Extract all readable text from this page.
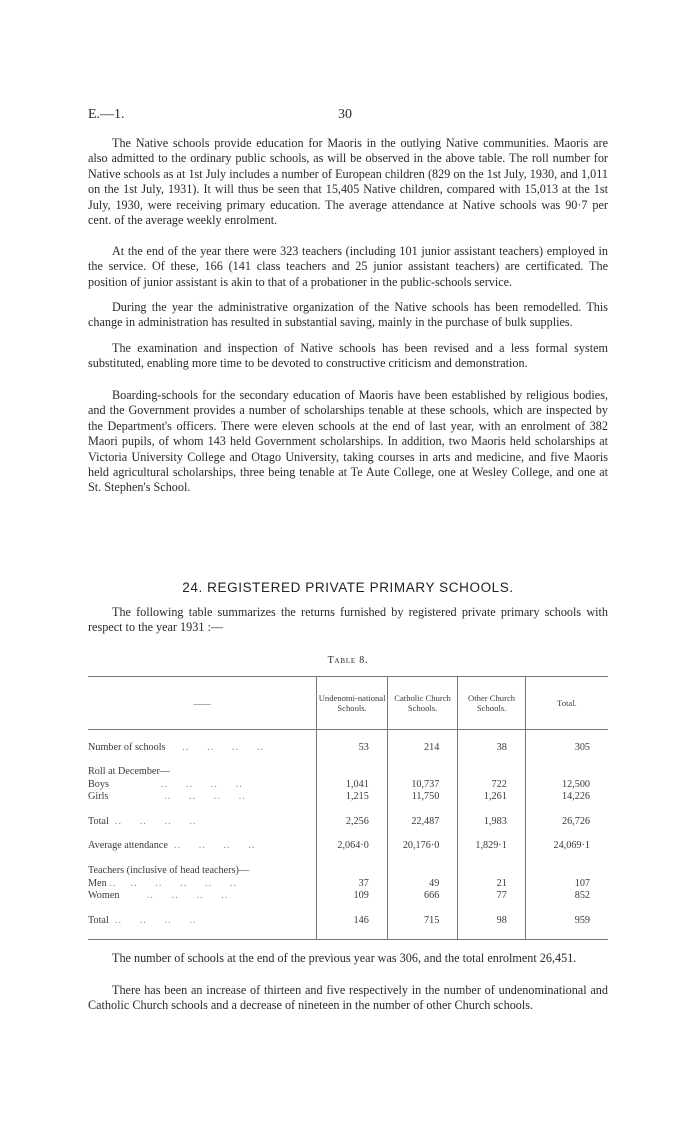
E.—1.	30

The Native schools provide education for Maoris in the outlying Native communities. Maoris are also admitted to the ordinary public schools, as will be observed in the above table. The roll number for Native schools as at 1st July includes a number of European children (829 on the 1st July, 1930, and 1,011 on the 1st July, 1931). It will thus be seen that 15,405 Native children, compared with 15,013 at the 1st July, 1930, were receiving primary education. The average attendance at Native schools was 90·7 per cent. of the average weekly enrolment.

At the end of the year there were 323 teachers (including 101 junior assistant teachers) employed in the service. Of these, 166 (141 class teachers and 25 junior assistant teachers) are certificated. The position of junior assistant is akin to that of a probationer in the public-schools service.

During the year the administrative organization of the Native schools has been remodelled. This change in administration has resulted in substantial saving, mainly in the purchase of bulk supplies.

The examination and inspection of Native schools has been revised and a less formal system substituted, enabling more time to be devoted to constructive criticism and demonstration.

Boarding-schools for the secondary education of Maoris have been established by religious bodies, and the Government provides a number of scholarships tenable at these schools, which are inspected by the Department's officers. There were eleven schools at the end of last year, with an enrolment of 382 Maori pupils, of whom 143 held Government scholarships. In addition, two Maoris held scholarships at Victoria University College and Otago University, taking courses in arts and medicine, and five Maoris held agricultural scholarships, three being tenable at Te Aute College, one at Wesley College, and one at St. Stephen's School.

24. REGISTERED PRIVATE PRIMARY SCHOOLS.

The following table summarizes the returns furnished by registered private primary schools with respect to the year 1931 :—

Table 8.
——	Undenomi-national Schools.	Catholic Church Schools.	Other Church Schools.	Total.

Number of schools     ..     ..     ..     ..	53	214	38	305

Roll at December—				
Boys               ..     ..     ..     ..	1,041	10,737	722	12,500
Girls                ..     ..     ..     ..	1,215	11,750	1,261	14,226

Total  ..     ..     ..     ..	2,256	22,487	1,983	26,726

Average attendance  ..     ..     ..     ..	2,064·0	20,176·0	1,829·1	24,069·1

Teachers (inclusive of head teachers)—				
Men ..    ..     ..     ..     ..     ..	37	49	21	107
Women        ..     ..     ..     ..	109	666	77	852

Total  ..     ..     ..     ..	146	715	98	959

The number of schools at the end of the previous year was 306, and the total enrolment 26,451.

There has been an increase of thirteen and five respectively in the number of undenominational and Catholic Church schools and a decrease of nineteen in the number of other Church schools.
